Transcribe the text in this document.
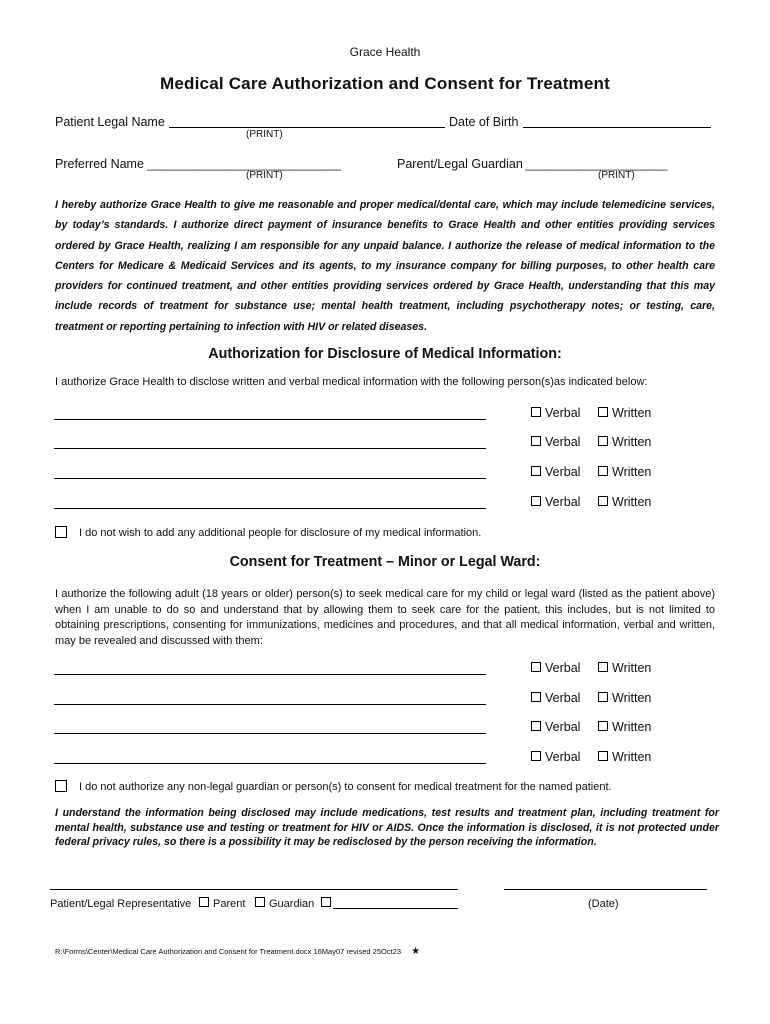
Grace Health
Medical Care Authorization and Consent for Treatment
Patient Legal Name
(PRINT)
Date of Birth
Preferred Name ______________________________
(PRINT)
Parent/Legal Guardian ______________________
(PRINT)
I hereby authorize Grace Health to give me reasonable and proper medical/dental care, which may include telemedicine services, by today’s standards. I authorize direct payment of insurance benefits to Grace Health and other entities providing services ordered by Grace Health, realizing I am responsible for any unpaid balance. I authorize the release of medical information to the Centers for Medicare & Medicaid Services and its agents, to my insurance company for billing purposes, to other health care providers for continued treatment, and other entities providing services ordered by Grace Health, understanding that this may include records of treatment for substance use; mental health treatment, including psychotherapy notes; or testing, care, treatment or reporting pertaining to infection with HIV or related diseases.
Authorization for Disclosure of Medical Information:
I authorize Grace Health to disclose written and verbal medical information with the following person(s)as indicated below:
Verbal	Written
Verbal	Written
Verbal	Written
Verbal	Written
I do not wish to add any additional people for disclosure of my medical information.
Consent for Treatment – Minor or Legal Ward:
I authorize the following adult (18 years or older) person(s) to seek medical care for my child or legal ward (listed as the patient above) when I am unable to do so and understand that by allowing them to seek care for the patient, this includes, but is not limited to obtaining prescriptions, consenting for immunizations, medicines and procedures, and that all medical information, verbal and written, may be revealed and discussed with them:
Verbal	Written
Verbal	Written
Verbal	Written
Verbal	Written
I do not authorize any non-legal guardian or person(s) to consent for medical treatment for the named patient.
I understand the information being disclosed may include medications, test results and treatment plan, including treatment for mental health, substance use and testing or treatment for HIV or AIDS. Once the information is disclosed, it is not protected under federal privacy rules, so there is a possibility it may be redisclosed by the person receiving the information.
Patient/Legal Representative	Parent	Guardian	(Date)
R:\Forms\Center\Medical Care Authorization and Consent for Treatment.docx 16May07 revised 25Oct23 ★
